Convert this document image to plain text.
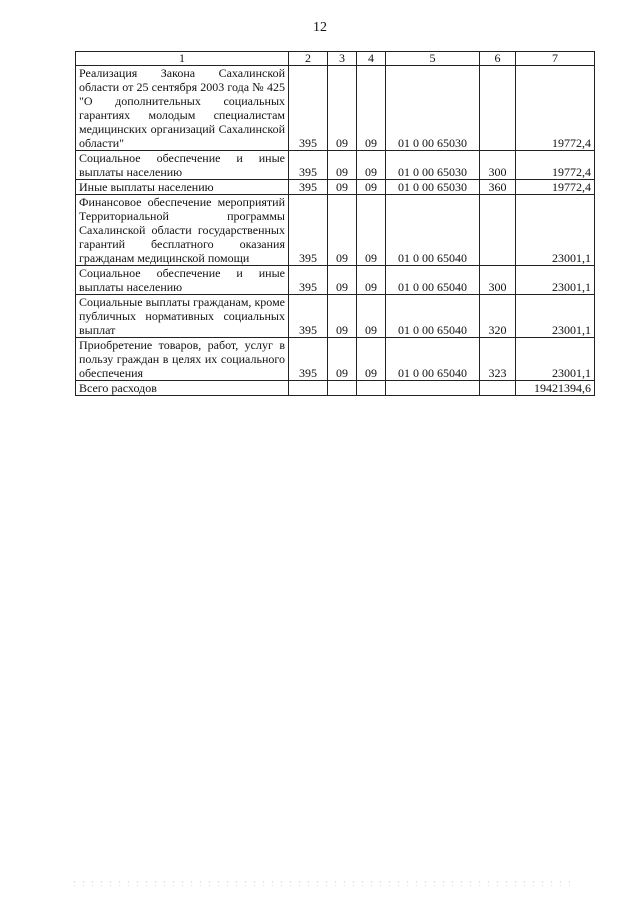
12
1	2	3	4	5	6	7
Реализация Закона Сахалинской области от 25 сентября 2003 года № 425 "О дополнительных социальных гарантиях молодым специалистам медицинских организаций Сахалинской области"	395	09	09	01 0 00 65030		19772,4
Социальное обеспечение и иные выплаты населению	395	09	09	01 0 00 65030	300	19772,4
Иные выплаты населению	395	09	09	01 0 00 65030	360	19772,4
Финансовое обеспечение мероприятий Территориальной программы Сахалинской области государственных гарантий бесплатного оказания гражданам медицинской помощи	395	09	09	01 0 00 65040		23001,1
Социальное обеспечение и иные выплаты населению	395	09	09	01 0 00 65040	300	23001,1
Социальные выплаты гражданам, кроме публичных нормативных социальных выплат	395	09	09	01 0 00 65040	320	23001,1
Приобретение товаров, работ, услуг в пользу граждан в целях их социального обеспечения	395	09	09	01 0 00 65040	323	23001,1
Всего расходов						19421394,6
